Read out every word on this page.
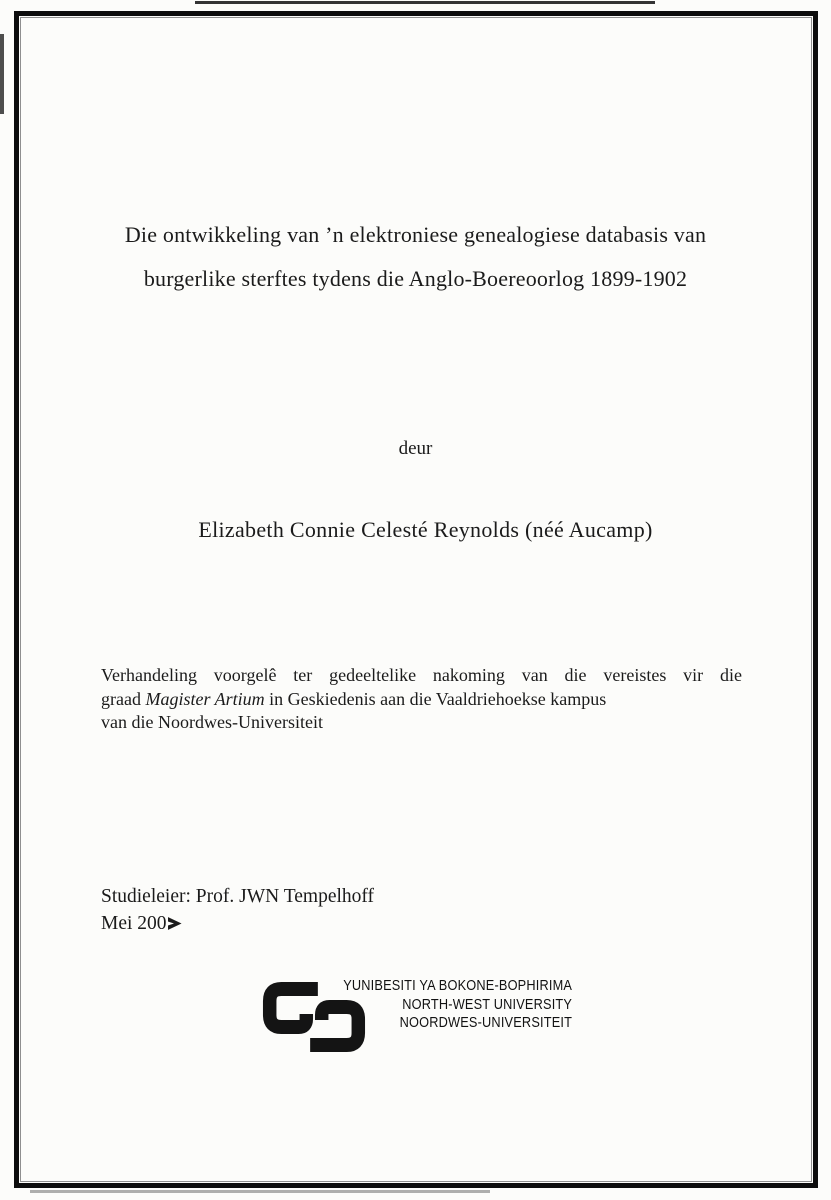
Die ontwikkeling van ’n elektroniese genealogiese databasis van
burgerlike sterftes tydens die Anglo-Boereoorlog 1899-1902
deur
Elizabeth Connie Celesté Reynolds (néé Aucamp)
Verhandeling voorgelê ter gedeeltelike nakoming van die vereistes vir die
graad Magister Artium in Geskiedenis aan die Vaaldriehoekse kampus
van die Noordwes-Universiteit
Studieleier: Prof. JWN Tempelhoff
Mei 200
YUNIBESITI YA BOKONE-BOPHIRIMA
NORTH-WEST UNIVERSITY
NOORDWES-UNIVERSITEIT
